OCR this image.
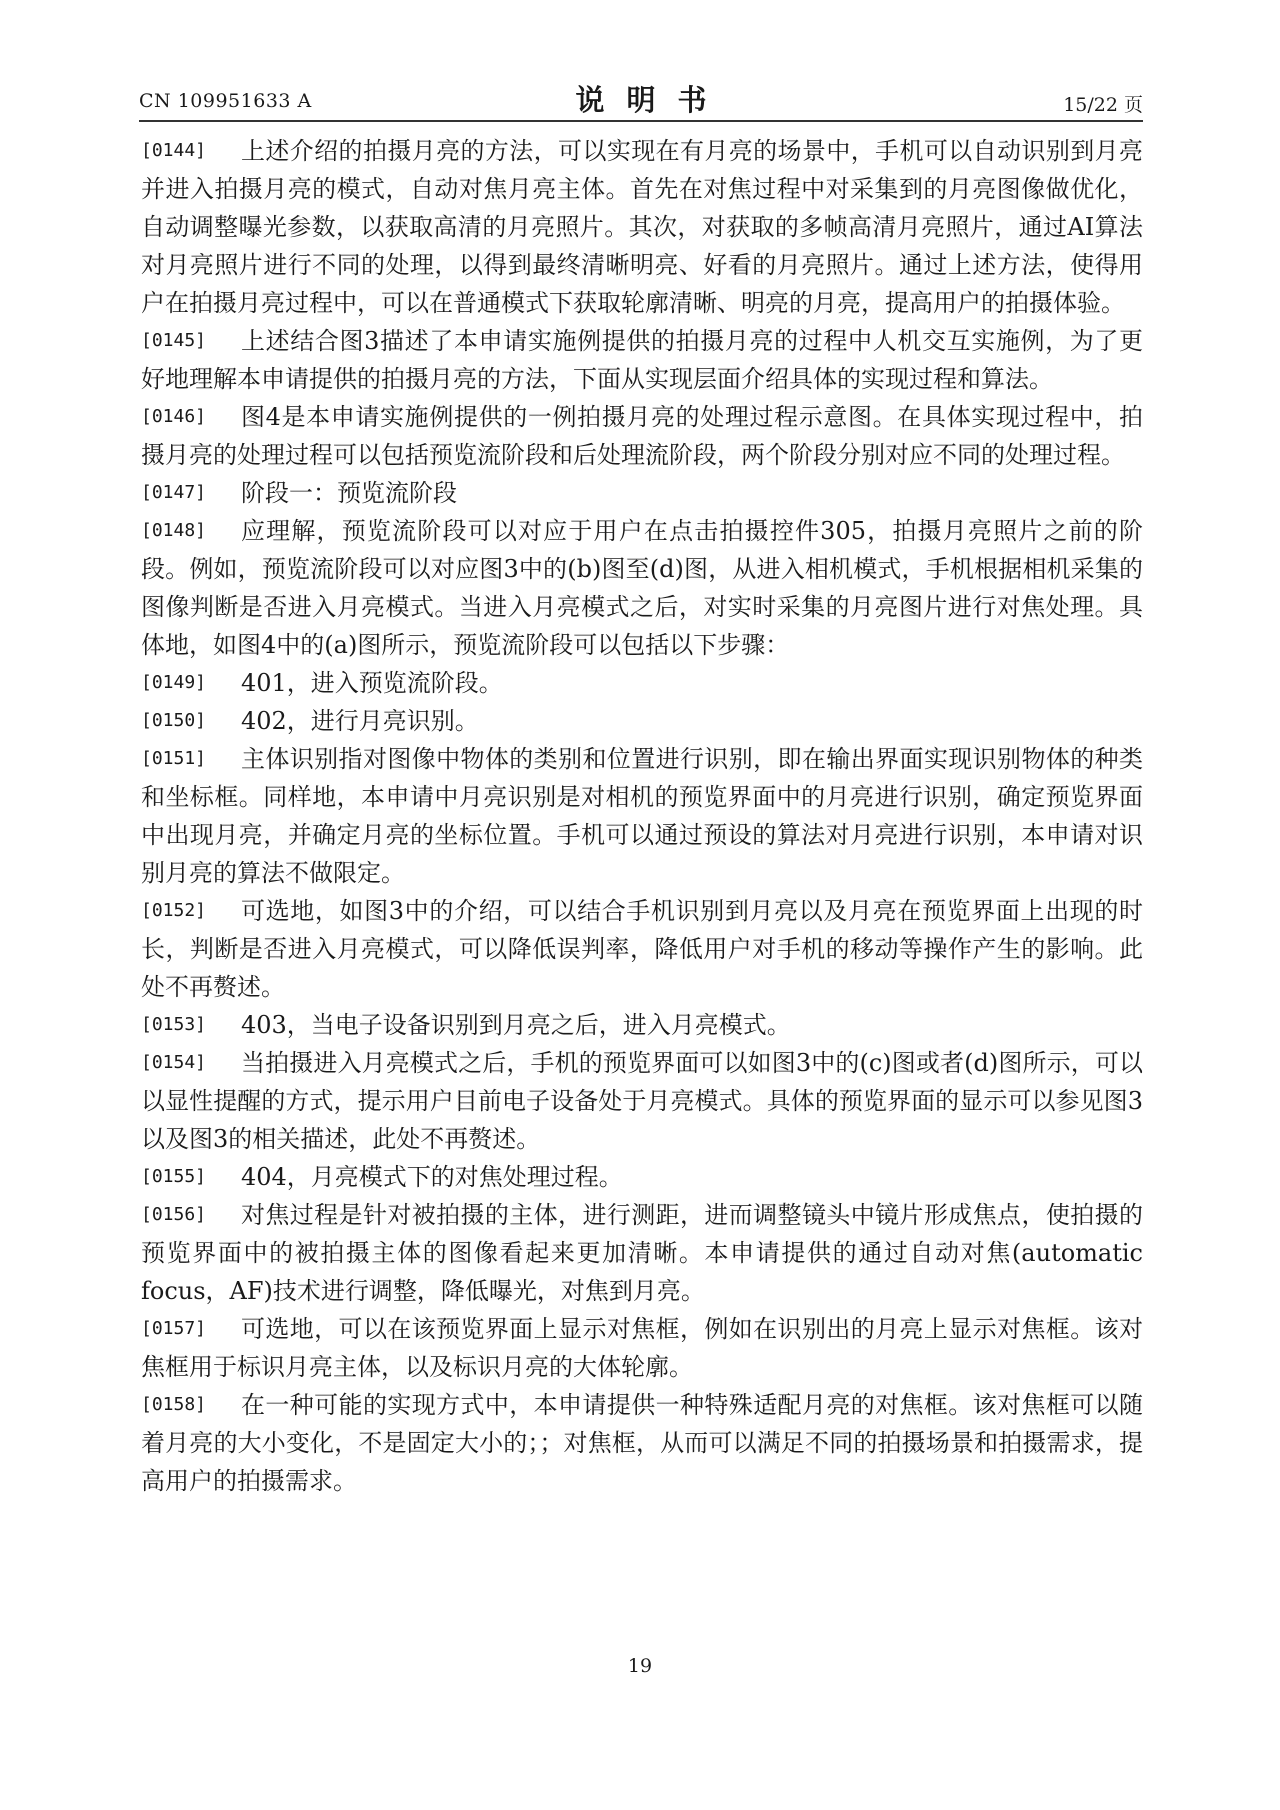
CN 109951633 A	说明书	15/22 页

[0144] 上述介绍的拍摄月亮的方法，可以实现在有月亮的场景中，手机可以自动识别到月亮并进入拍摄月亮的模式，自动对焦月亮主体。首先在对焦过程中对采集到的月亮图像做优化，自动调整曝光参数，以获取高清的月亮照片。其次，对获取的多帧高清月亮照片，通过AI算法对月亮照片进行不同的处理，以得到最终清晰明亮、好看的月亮照片。通过上述方法，使得用户在拍摄月亮过程中，可以在普通模式下获取轮廓清晰、明亮的月亮，提高用户的拍摄体验。

[0145] 上述结合图3描述了本申请实施例提供的拍摄月亮的过程中人机交互实施例，为了更好地理解本申请提供的拍摄月亮的方法，下面从实现层面介绍具体的实现过程和算法。

[0146] 图4是本申请实施例提供的一例拍摄月亮的处理过程示意图。在具体实现过程中，拍摄月亮的处理过程可以包括预览流阶段和后处理流阶段，两个阶段分别对应不同的处理过程。

[0147] 阶段一：预览流阶段

[0148] 应理解，预览流阶段可以对应于用户在点击拍摄控件305，拍摄月亮照片之前的阶段。例如，预览流阶段可以对应图3中的(b)图至(d)图，从进入相机模式，手机根据相机采集的图像判断是否进入月亮模式。当进入月亮模式之后，对实时采集的月亮图片进行对焦处理。具体地，如图4中的(a)图所示，预览流阶段可以包括以下步骤：

[0149] 401，进入预览流阶段。

[0150] 402，进行月亮识别。

[0151] 主体识别指对图像中物体的类别和位置进行识别，即在输出界面实现识别物体的种类和坐标框。同样地，本申请中月亮识别是对相机的预览界面中的月亮进行识别，确定预览界面中出现月亮，并确定月亮的坐标位置。手机可以通过预设的算法对月亮进行识别，本申请对识别月亮的算法不做限定。

[0152] 可选地，如图3中的介绍，可以结合手机识别到月亮以及月亮在预览界面上出现的时长，判断是否进入月亮模式，可以降低误判率，降低用户对手机的移动等操作产生的影响。此处不再赘述。

[0153] 403，当电子设备识别到月亮之后，进入月亮模式。

[0154] 当拍摄进入月亮模式之后，手机的预览界面可以如图3中的(c)图或者(d)图所示，可以以显性提醒的方式，提示用户目前电子设备处于月亮模式。具体的预览界面的显示可以参见图3以及图3的相关描述，此处不再赘述。

[0155] 404，月亮模式下的对焦处理过程。

[0156] 对焦过程是针对被拍摄的主体，进行测距，进而调整镜头中镜片形成焦点，使拍摄的预览界面中的被拍摄主体的图像看起来更加清晰。本申请提供的通过自动对焦(automatic focus，AF)技术进行调整，降低曝光，对焦到月亮。

[0157] 可选地，可以在该预览界面上显示对焦框，例如在识别出的月亮上显示对焦框。该对焦框用于标识月亮主体，以及标识月亮的大体轮廓。

[0158] 在一种可能的实现方式中，本申请提供一种特殊适配月亮的对焦框。该对焦框可以随着月亮的大小变化，不是固定大小的；；对焦框，从而可以满足不同的拍摄场景和拍摄需求，提高用户的拍摄需求。

19
